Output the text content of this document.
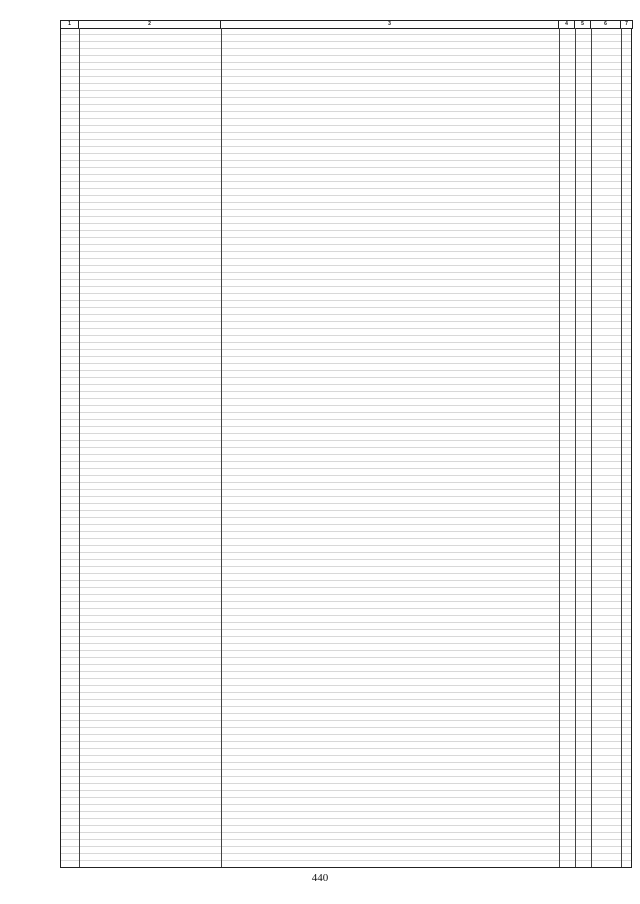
1	2	3	4	5	6	7
440
